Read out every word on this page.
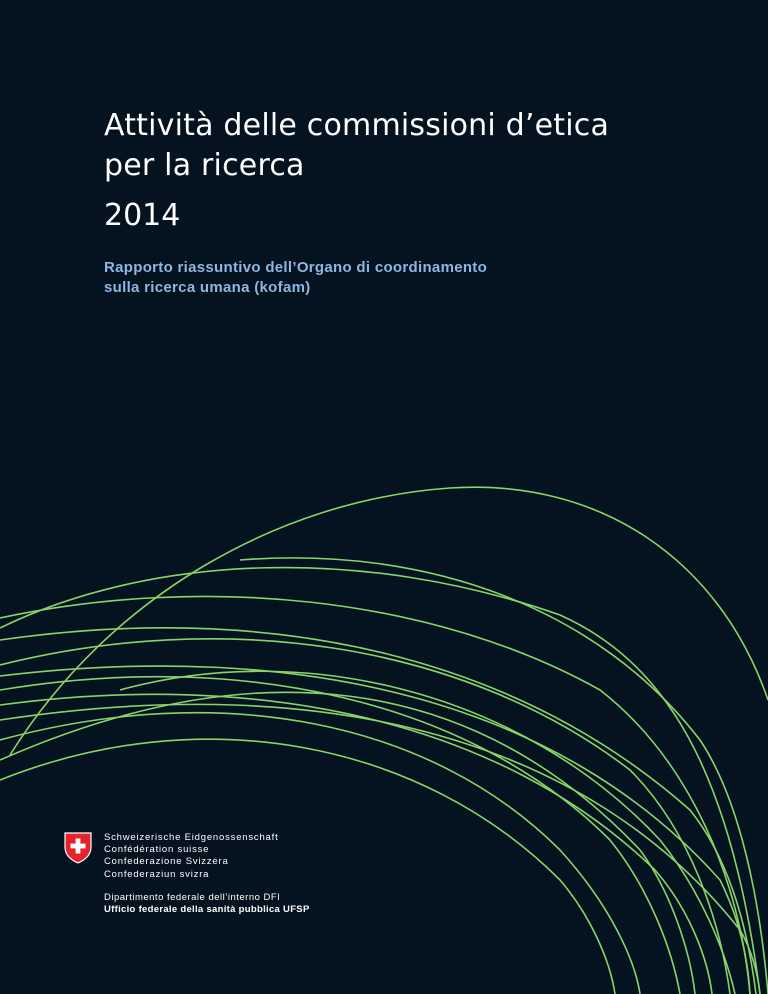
Attività delle commissioni d’etica
per la ricerca
2014

Rapporto riassuntivo dell’Organo di coordinamento
sulla ricerca umana (kofam)

Schweizerische Eidgenossenschaft
Confédération suisse
Confederazione Svizzera
Confederaziun svizra
Dipartimento federale dell’interno DFI
Ufficio federale della sanità pubblica UFSP
